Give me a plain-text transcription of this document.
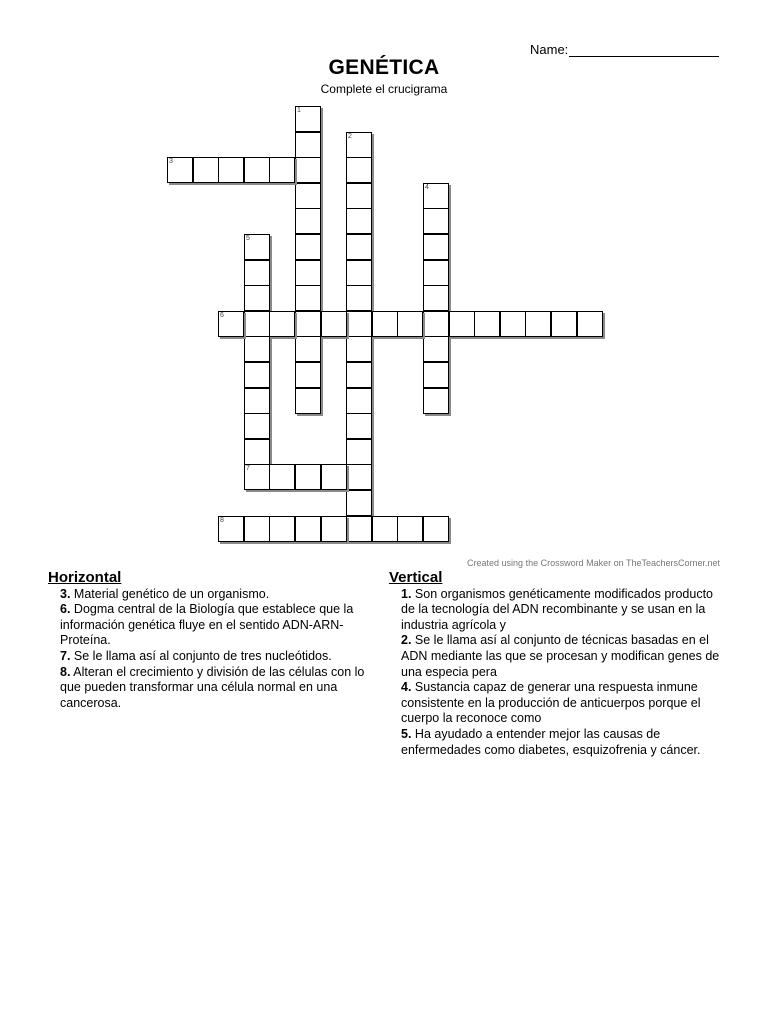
Name:
GENÉTICA
Complete el crucigrama
1
2
3
4
5
6
7
8
Created using the Crossword Maker on TheTeachersCorner.net
Horizontal
3. Material genético de un organismo.
6. Dogma central de la Biología que establece que la información genética fluye en el sentido ADN-ARN-Proteína.
7. Se le llama así al conjunto de tres nucleótidos.
8. Alteran el crecimiento y división de las células con lo que pueden transformar una célula normal en una cancerosa.
Vertical
1. Son organismos genéticamente modificados producto de la tecnología del ADN recombinante y se usan en la industria agrícola y
2. Se le llama así al conjunto de técnicas basadas en el ADN mediante las que se procesan y modifican genes de una especia pera
4. Sustancia capaz de generar una respuesta inmune consistente en la producción de anticuerpos porque el cuerpo la reconoce como
5. Ha ayudado a entender mejor las causas de enfermedades como diabetes, esquizofrenia y cáncer.
